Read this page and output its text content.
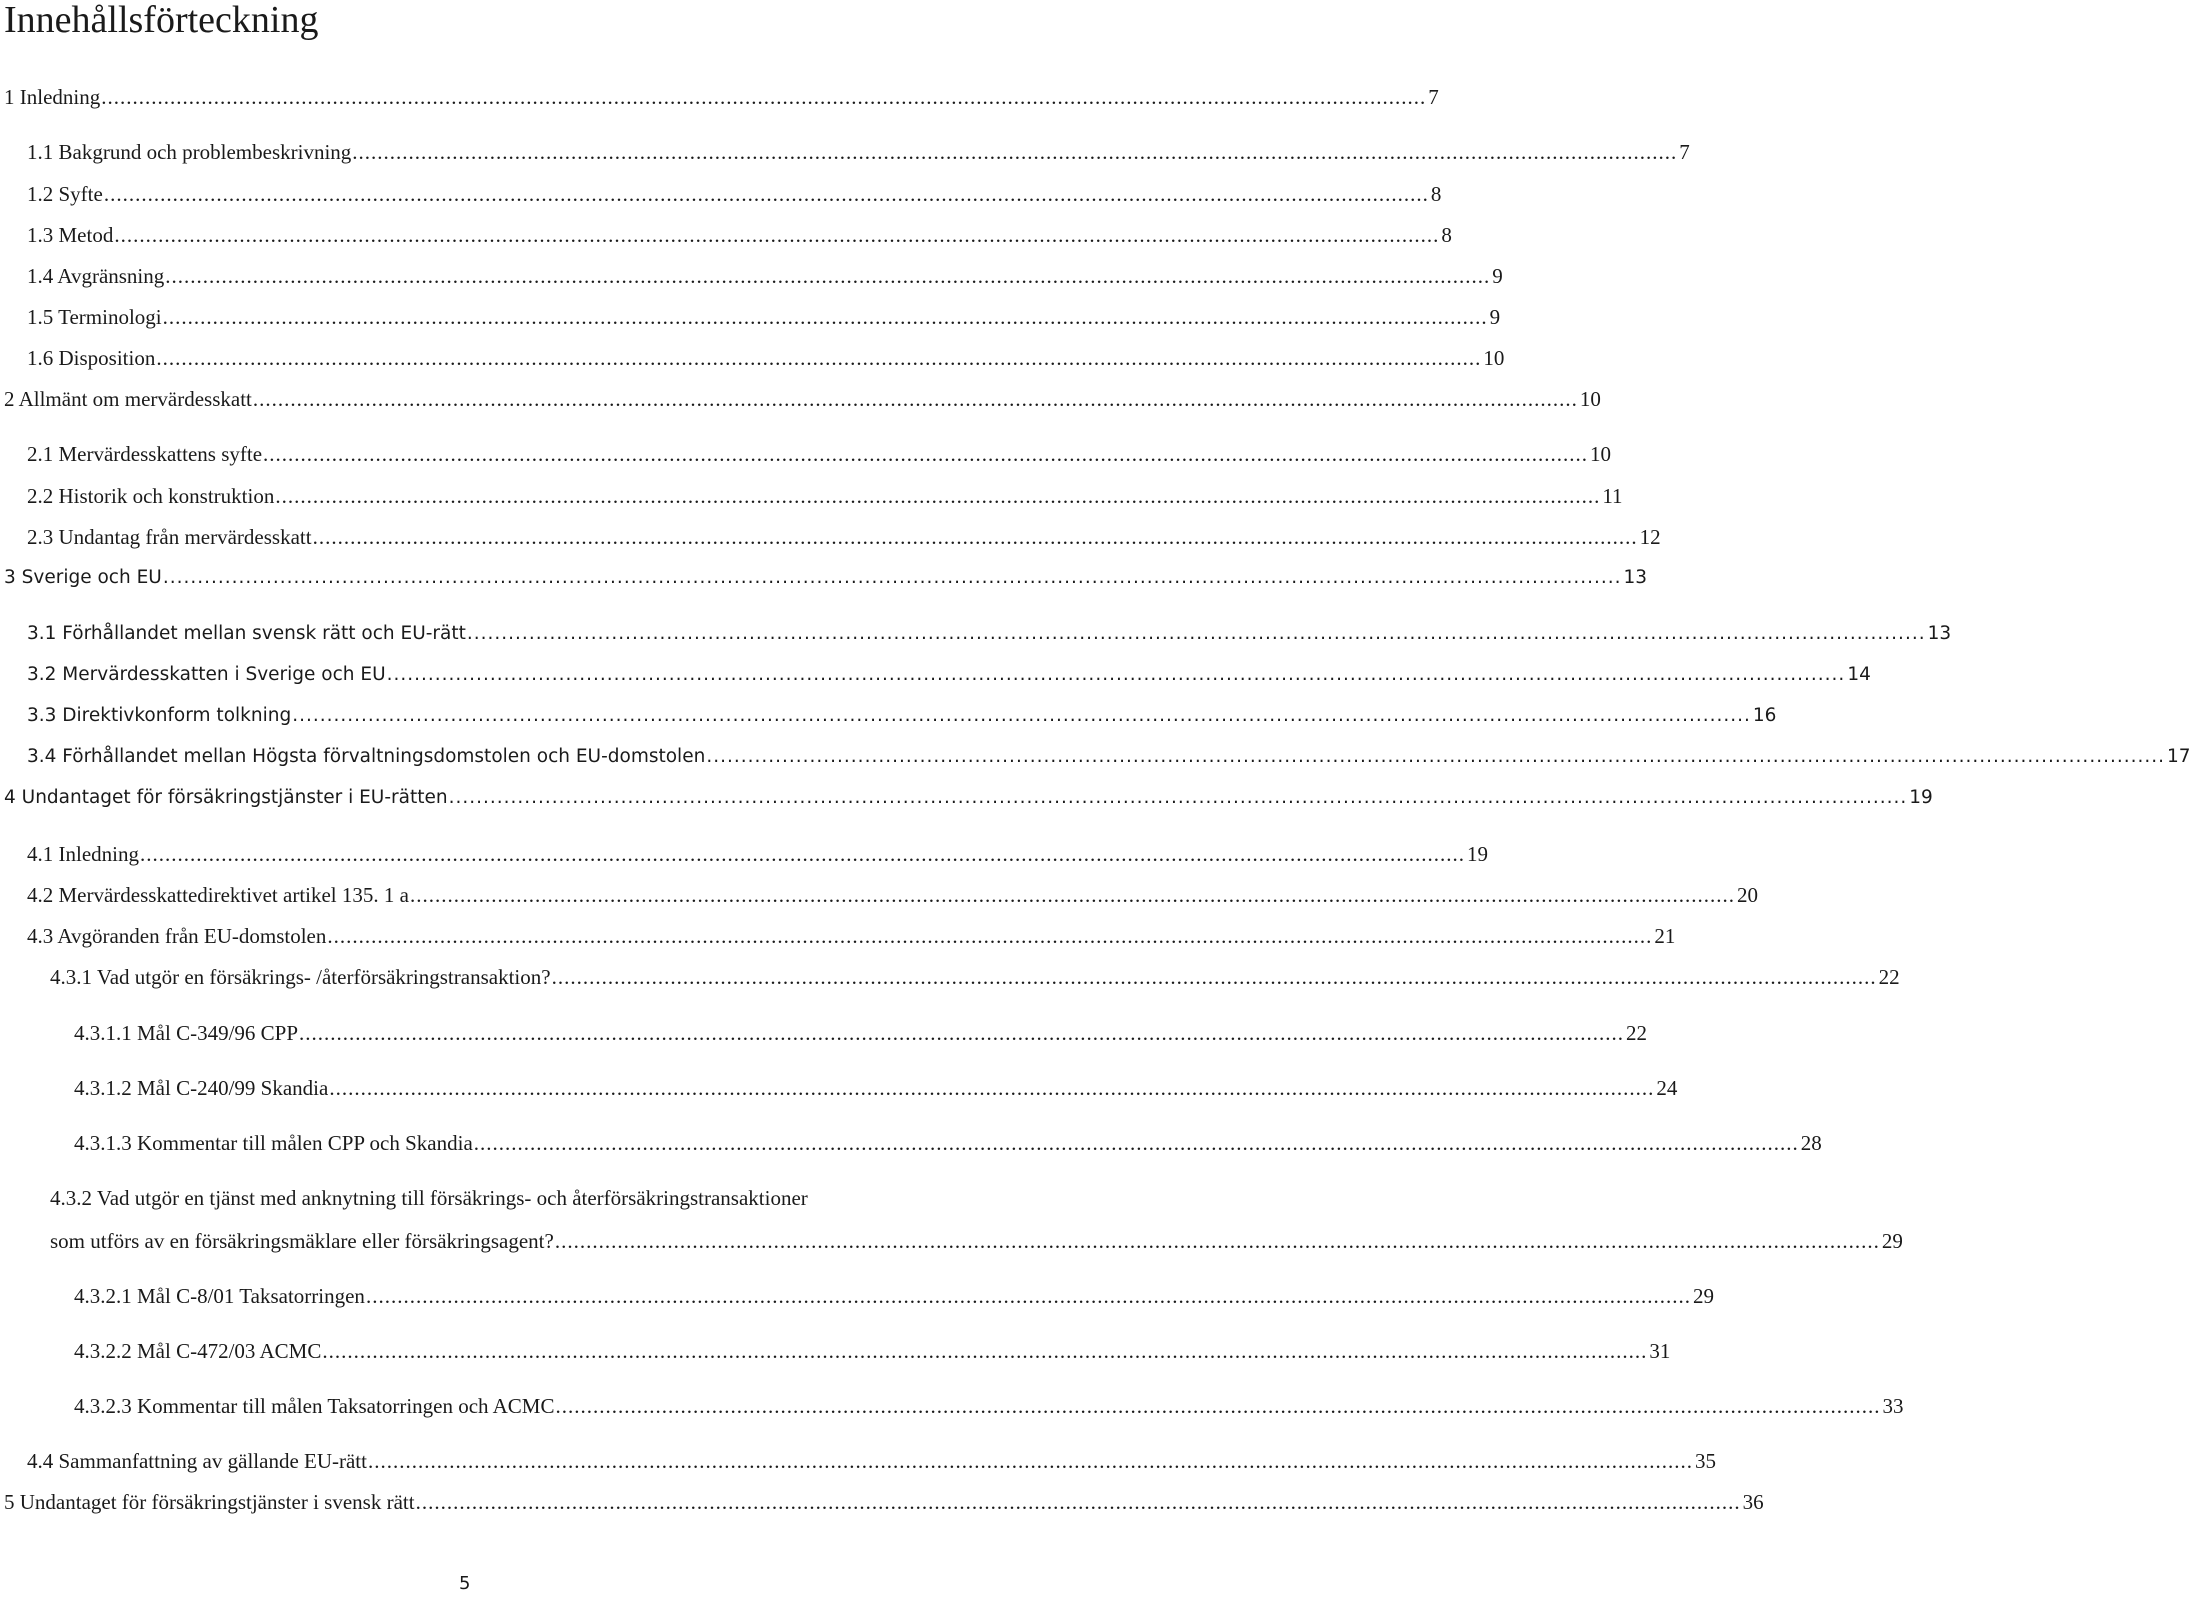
Innehållsförteckning
1 Inledning .................................................................................................................................................................................................................... 7
1.1 Bakgrund och problembeskrivning .................................................................................................................................................................................................................... 7
1.2 Syfte .................................................................................................................................................................................................................... 8
1.3 Metod .................................................................................................................................................................................................................... 8
1.4 Avgränsning .................................................................................................................................................................................................................... 9
1.5 Terminologi .................................................................................................................................................................................................................... 9
1.6 Disposition .................................................................................................................................................................................................................... 10
2 Allmänt om mervärdesskatt .................................................................................................................................................................................................................... 10
2.1 Mervärdesskattens syfte .................................................................................................................................................................................................................... 10
2.2 Historik och konstruktion .................................................................................................................................................................................................................... 11
2.3 Undantag från mervärdesskatt .................................................................................................................................................................................................................... 12
3 Sverige och EU .................................................................................................................................................................................................................... 13
3.1 Förhållandet mellan svensk rätt och EU-rätt .................................................................................................................................................................................................................... 13
3.2 Mervärdesskatten i Sverige och EU .................................................................................................................................................................................................................... 14
3.3 Direktivkonform tolkning .................................................................................................................................................................................................................... 16
3.4 Förhållandet mellan Högsta förvaltningsdomstolen och EU-domstolen .................................................................................................................................................................................................................... 17
4 Undantaget för försäkringstjänster i EU-rätten .................................................................................................................................................................................................................... 19
4.1 Inledning .................................................................................................................................................................................................................... 19
4.2 Mervärdesskattedirektivet artikel 135. 1 a .................................................................................................................................................................................................................... 20
4.3 Avgöranden från EU-domstolen .................................................................................................................................................................................................................... 21
4.3.1 Vad utgör en försäkrings- /återförsäkringstransaktion? .................................................................................................................................................................................................................... 22
4.3.1.1 Mål C-349/96 CPP .................................................................................................................................................................................................................... 22
4.3.1.2 Mål C-240/99 Skandia .................................................................................................................................................................................................................... 24
4.3.1.3 Kommentar till målen CPP och Skandia .................................................................................................................................................................................................................... 28
4.3.2 Vad utgör en tjänst med anknytning till försäkrings- och återförsäkringstransaktioner
som utförs av en försäkringsmäklare eller försäkringsagent? .................................................................................................................................................................................................................... 29
4.3.2.1 Mål C-8/01 Taksatorringen .................................................................................................................................................................................................................... 29
4.3.2.2 Mål C-472/03 ACMC .................................................................................................................................................................................................................... 31
4.3.2.3 Kommentar till målen Taksatorringen och ACMC .................................................................................................................................................................................................................... 33
4.4 Sammanfattning av gällande EU-rätt .................................................................................................................................................................................................................... 35
5 Undantaget för försäkringstjänster i svensk rätt .................................................................................................................................................................................................................... 36
5
